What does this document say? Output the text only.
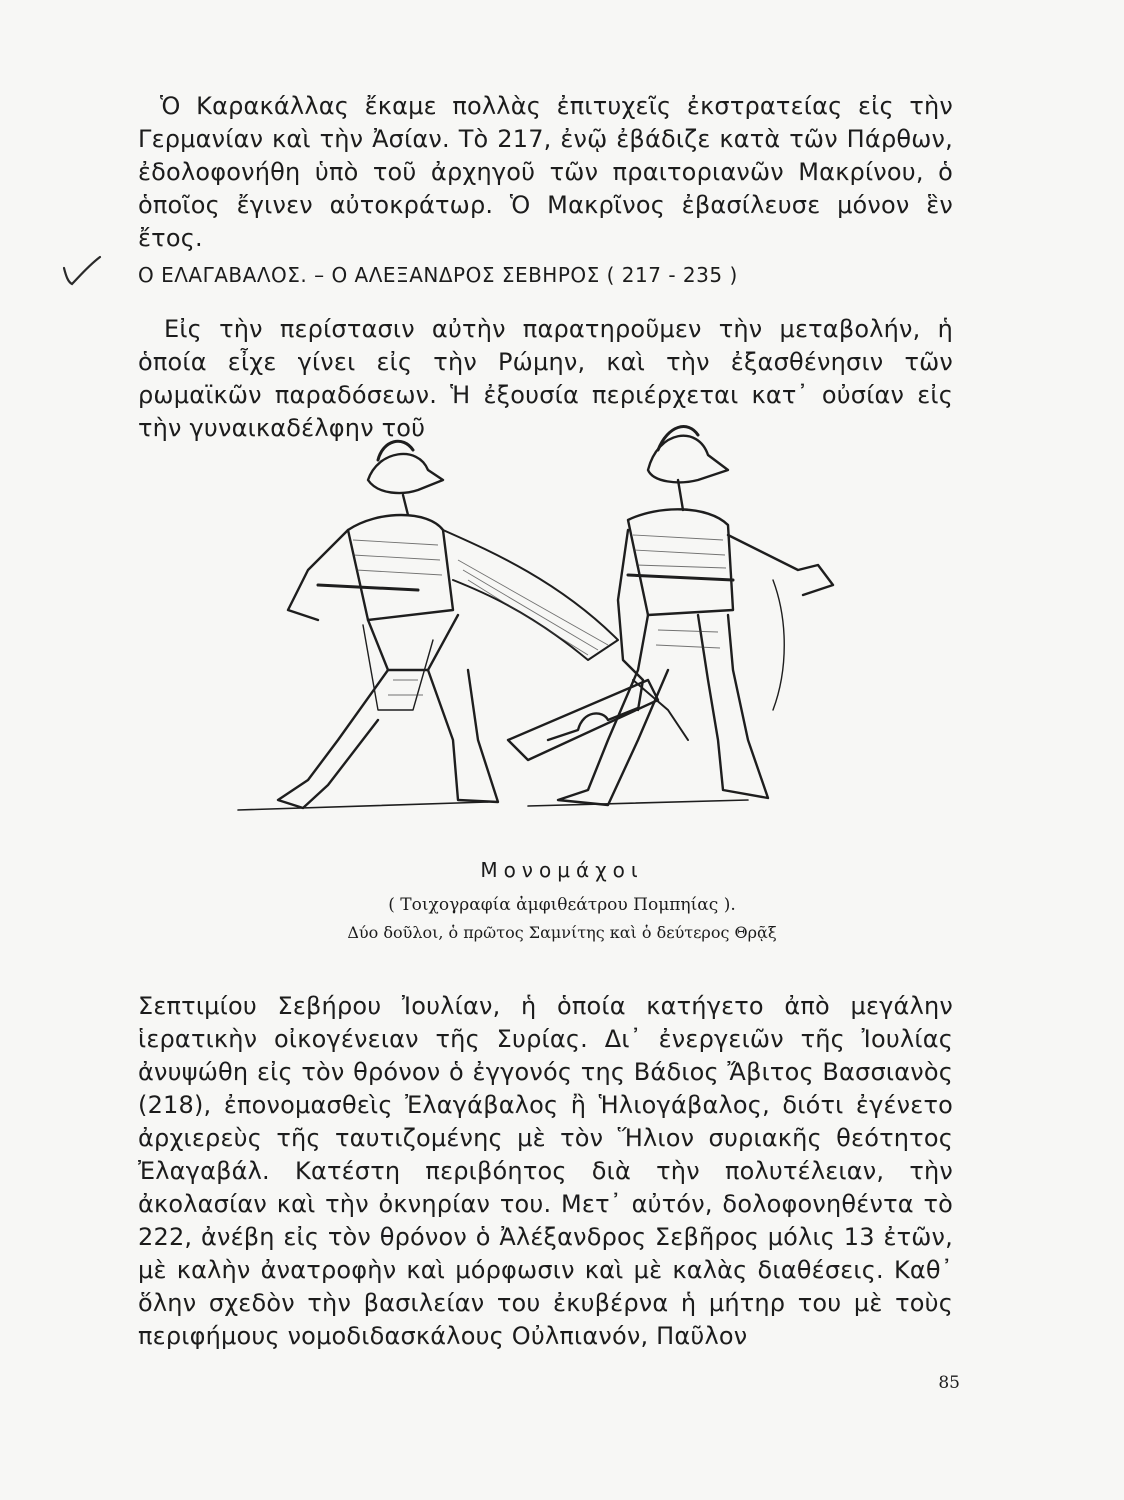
Ὁ Καρακάλλας ἔκαμε πολλὰς ἐπιτυχεῖς ἐκστρατείας εἰς τὴν Γερμανίαν καὶ τὴν Ἀσίαν. Τὸ 217, ἐνῷ ἐβάδιζε κατὰ τῶν Πάρθων, ἐδολοφονήθη ὑπὸ τοῦ ἀρχηγοῦ τῶν πραιτοριανῶν Μακρίνου, ὁ ὁποῖος ἔγινεν αὐτοκράτωρ. Ὁ Μακρῖνος ἐβασίλευσε μόνον ἓν ἔτος.

Ο ΕΛΑΓΑΒΑΛΟΣ. – Ο ΑΛΕΞΑΝΔΡΟΣ ΣΕΒΗΡΟΣ ( 217 - 235 )

Εἰς τὴν περίστασιν αὐτὴν παρατηροῦμεν τὴν μεταβολήν, ἡ ὁποία εἶχε γίνει εἰς τὴν Ρώμην, καὶ τὴν ἐξασθένησιν τῶν ρωμαϊκῶν παραδόσεων. Ἡ ἐξουσία περιέρχεται κατ᾽ οὐσίαν εἰς τὴν γυναικαδέλφην τοῦ

Μονομάχοι

( Τοιχογραφία ἀμφιθεάτρου Πομπηίας ).

Δύο δοῦλοι, ὁ πρῶτος Σαμνίτης καὶ ὁ δεύτερος Θρᾷξ

Σεπτιμίου Σεβήρου Ἰουλίαν, ἡ ὁποία κατήγετο ἀπὸ μεγάλην ἱερατικὴν οἰκογένειαν τῆς Συρίας. Δι᾽ ἐνεργειῶν τῆς Ἰουλίας ἀνυψώθη εἰς τὸν θρόνον ὁ ἐγγονός της Βάδιος Ἄβιτος Βασσιανὸς (218), ἐπονομασθεὶς Ἐλαγάβαλος ἢ Ἡλιογάβαλος, διότι ἐγένετο ἀρχιερεὺς τῆς ταυτιζομένης μὲ τὸν Ἥλιον συριακῆς θεότητος Ἐλαγαβάλ. Κατέστη περιβόητος διὰ τὴν πολυτέλειαν, τὴν ἀκολασίαν καὶ τὴν ὀκνηρίαν του. Μετ᾽ αὐτόν, δολοφονηθέντα τὸ 222, ἀνέβη εἰς τὸν θρόνον ὁ Ἀλέξανδρος Σεβῆρος μόλις 13 ἐτῶν, μὲ καλὴν ἀνατροφὴν καὶ μόρφωσιν καὶ μὲ καλὰς διαθέσεις. Καθ᾽ ὅλην σχεδὸν τὴν βασιλείαν του ἐκυβέρνα ἡ μήτηρ του μὲ τοὺς περιφήμους νομοδιδασκάλους Οὐλπιανόν, Παῦλον

85
